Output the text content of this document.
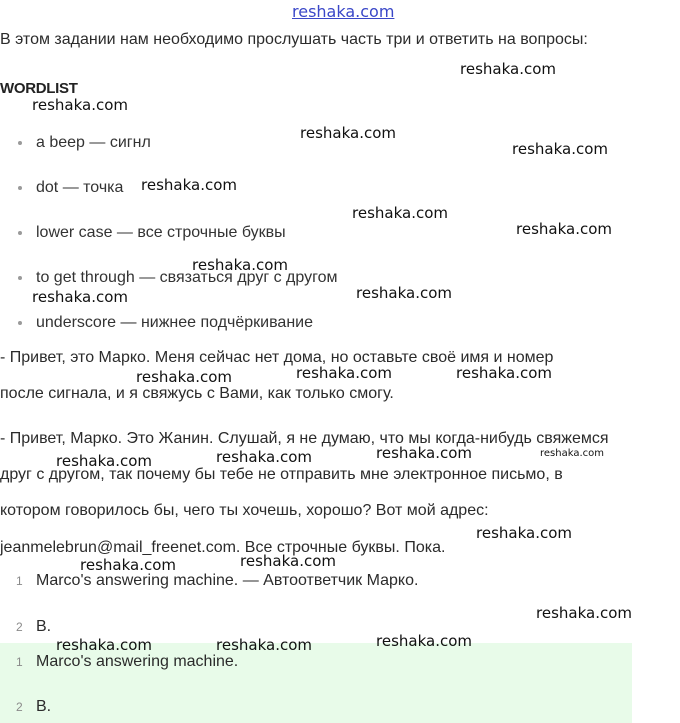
reshaka.com
В этом задании нам необходимо прослушать часть три и ответить на вопросы:
WORDLIST
a beep — сигнл
dot — точка
lower case — все строчные буквы
to get through — связаться друг с другом
underscore — нижнее подчёркивание
- Привет, это Марко. Меня сейчас нет дома, но оставьте своё имя и номер
после сигнала, и я свяжусь с Вами, как только смогу.
- Привет, Марко. Это Жанин. Слушай, я не думаю, что мы когда-нибудь свяжемся
друг с другом, так почему бы тебе не отправить мне электронное письмо, в
котором говорилось бы, чего ты хочешь, хорошо? Вот мой адрес:
jeanmelebrun@mail_freenet.com. Все строчные буквы. Пока.
1 Marco's answering machine. — Автоответчик Марко.
2 B.
1 Marco's answering machine.
2 B.
reshaka.com
reshaka.com
reshaka.com
reshaka.com
reshaka.com
reshaka.com
reshaka.com
reshaka.com
reshaka.com
reshaka.com
reshaka.com	reshaka.com
reshaka.com
reshaka.com	reshaka.com	reshaka.com
reshaka.com
reshaka.com
reshaka.com
reshaka.com
reshaka.com
reshaka.com
reshaka.com	reshaka.com
